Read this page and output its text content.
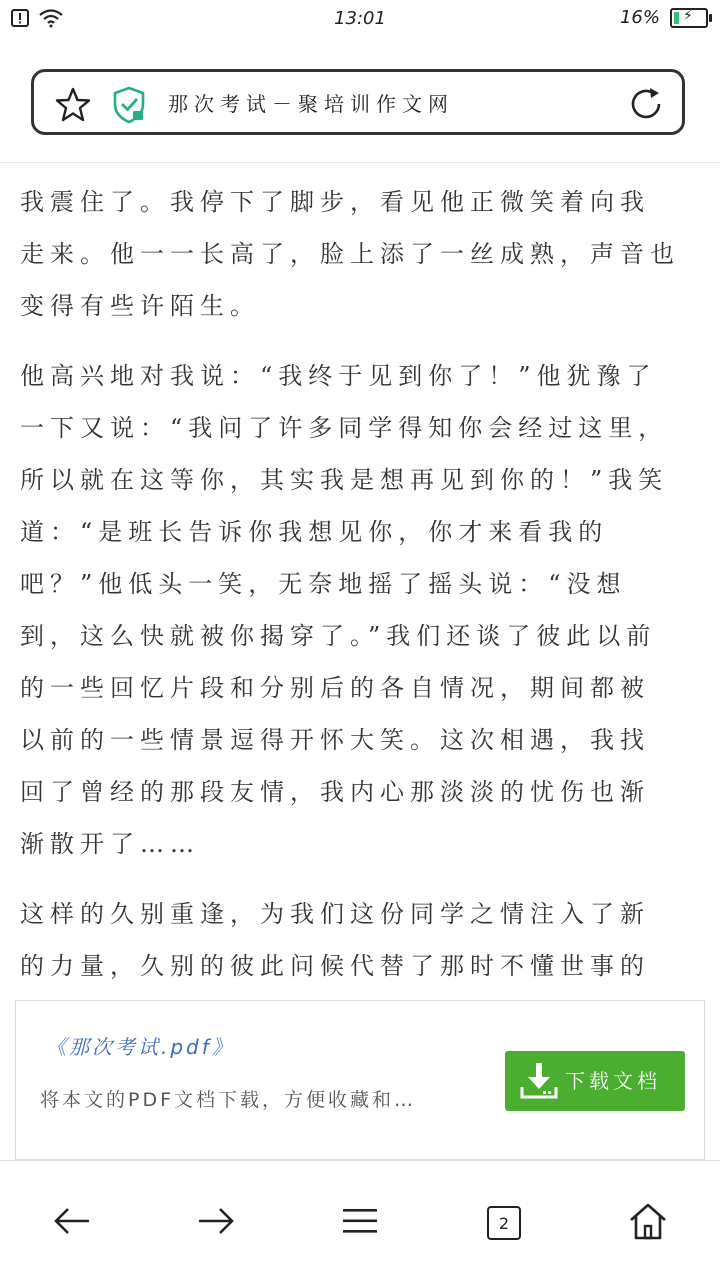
13:01	16% ⚡
那次考试－聚培训作文网
我震住了。我停下了脚步，看见他正微笑着向我
走来。他一一长高了，脸上添了一丝成熟，声音也
变得有些许陌生。
他高兴地对我说：“我终于见到你了！”他犹豫了
一下又说：“我问了许多同学得知你会经过这里，
所以就在这等你，其实我是想再见到你的！”我笑
道：“是班长告诉你我想见你，你才来看我的
吧？”他低头一笑，无奈地摇了摇头说：“没想
到，这么快就被你揭穿了。”我们还谈了彼此以前
的一些回忆片段和分别后的各自情况，期间都被
以前的一些情景逗得开怀大笑。这次相遇，我找
回了曾经的那段友情，我内心那淡淡的忧伤也渐
渐散开了……
这样的久别重逢，为我们这份同学之情注入了新
的力量，久别的彼此问候代替了那时不懂世事的
《那次考试.pdf》
将本文的PDF文档下载，方便收藏和…
下载文档
2
